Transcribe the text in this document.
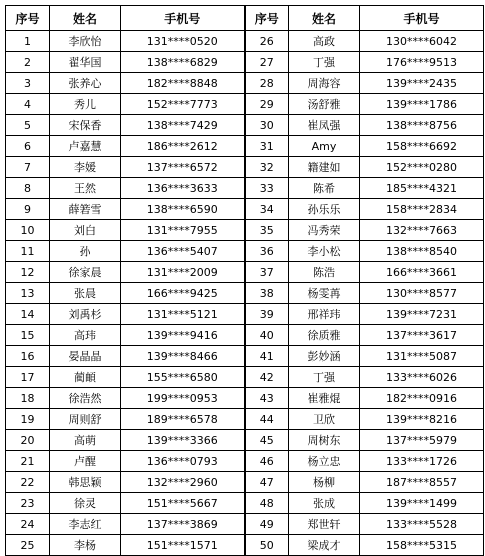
序号	姓名	手机号	序号	姓名	手机号
1	李欣怡	131****0520	26	高政	130****6042
2	翟华国	138****6829	27	丁强	176****9513
3	张养心	182****8848	28	周海容	139****2435
4	秀儿	152****7773	29	汤舒雅	139****1786
5	宋保香	138****7429	30	崔凤强	138****8756
6	卢嘉慧	186****2612	31	Amy	158****6692
7	李媛	137****6572	32	籍建如	152****0280
8	王然	136****3633	33	陈希	185****4321
9	薛箬雪	138****6590	34	孙乐乐	158****2834
10	刘白	131****7955	35	冯秀荣	132****7663
11	孙	136****5407	36	李小松	138****8540
12	徐家晨	131****2009	37	陈浩	166****3661
13	张晨	166****9425	38	杨雯苒	130****8577
14	刘禹杉	131****5121	39	邢祥玮	139****7231
15	高玮	139****9416	40	徐质雅	137****3617
16	晏晶晶	139****8466	41	彭妙涵	131****5087
17	蔺頔	155****6580	42	丁强	133****6026
18	徐浩然	199****0953	43	崔雅焜	182****0916
19	周则舒	189****6578	44	卫欣	139****8216
20	高萌	139****3366	45	周树东	137****5979
21	卢醒	136****0793	46	杨立忠	133****1726
22	韩思颖	132****2960	47	杨柳	187****8557
23	徐灵	151****5667	48	张成	139****1499
24	李志红	137****3869	49	郑世轩	133****5528
25	李杨	151****1571	50	梁成才	158****5315
